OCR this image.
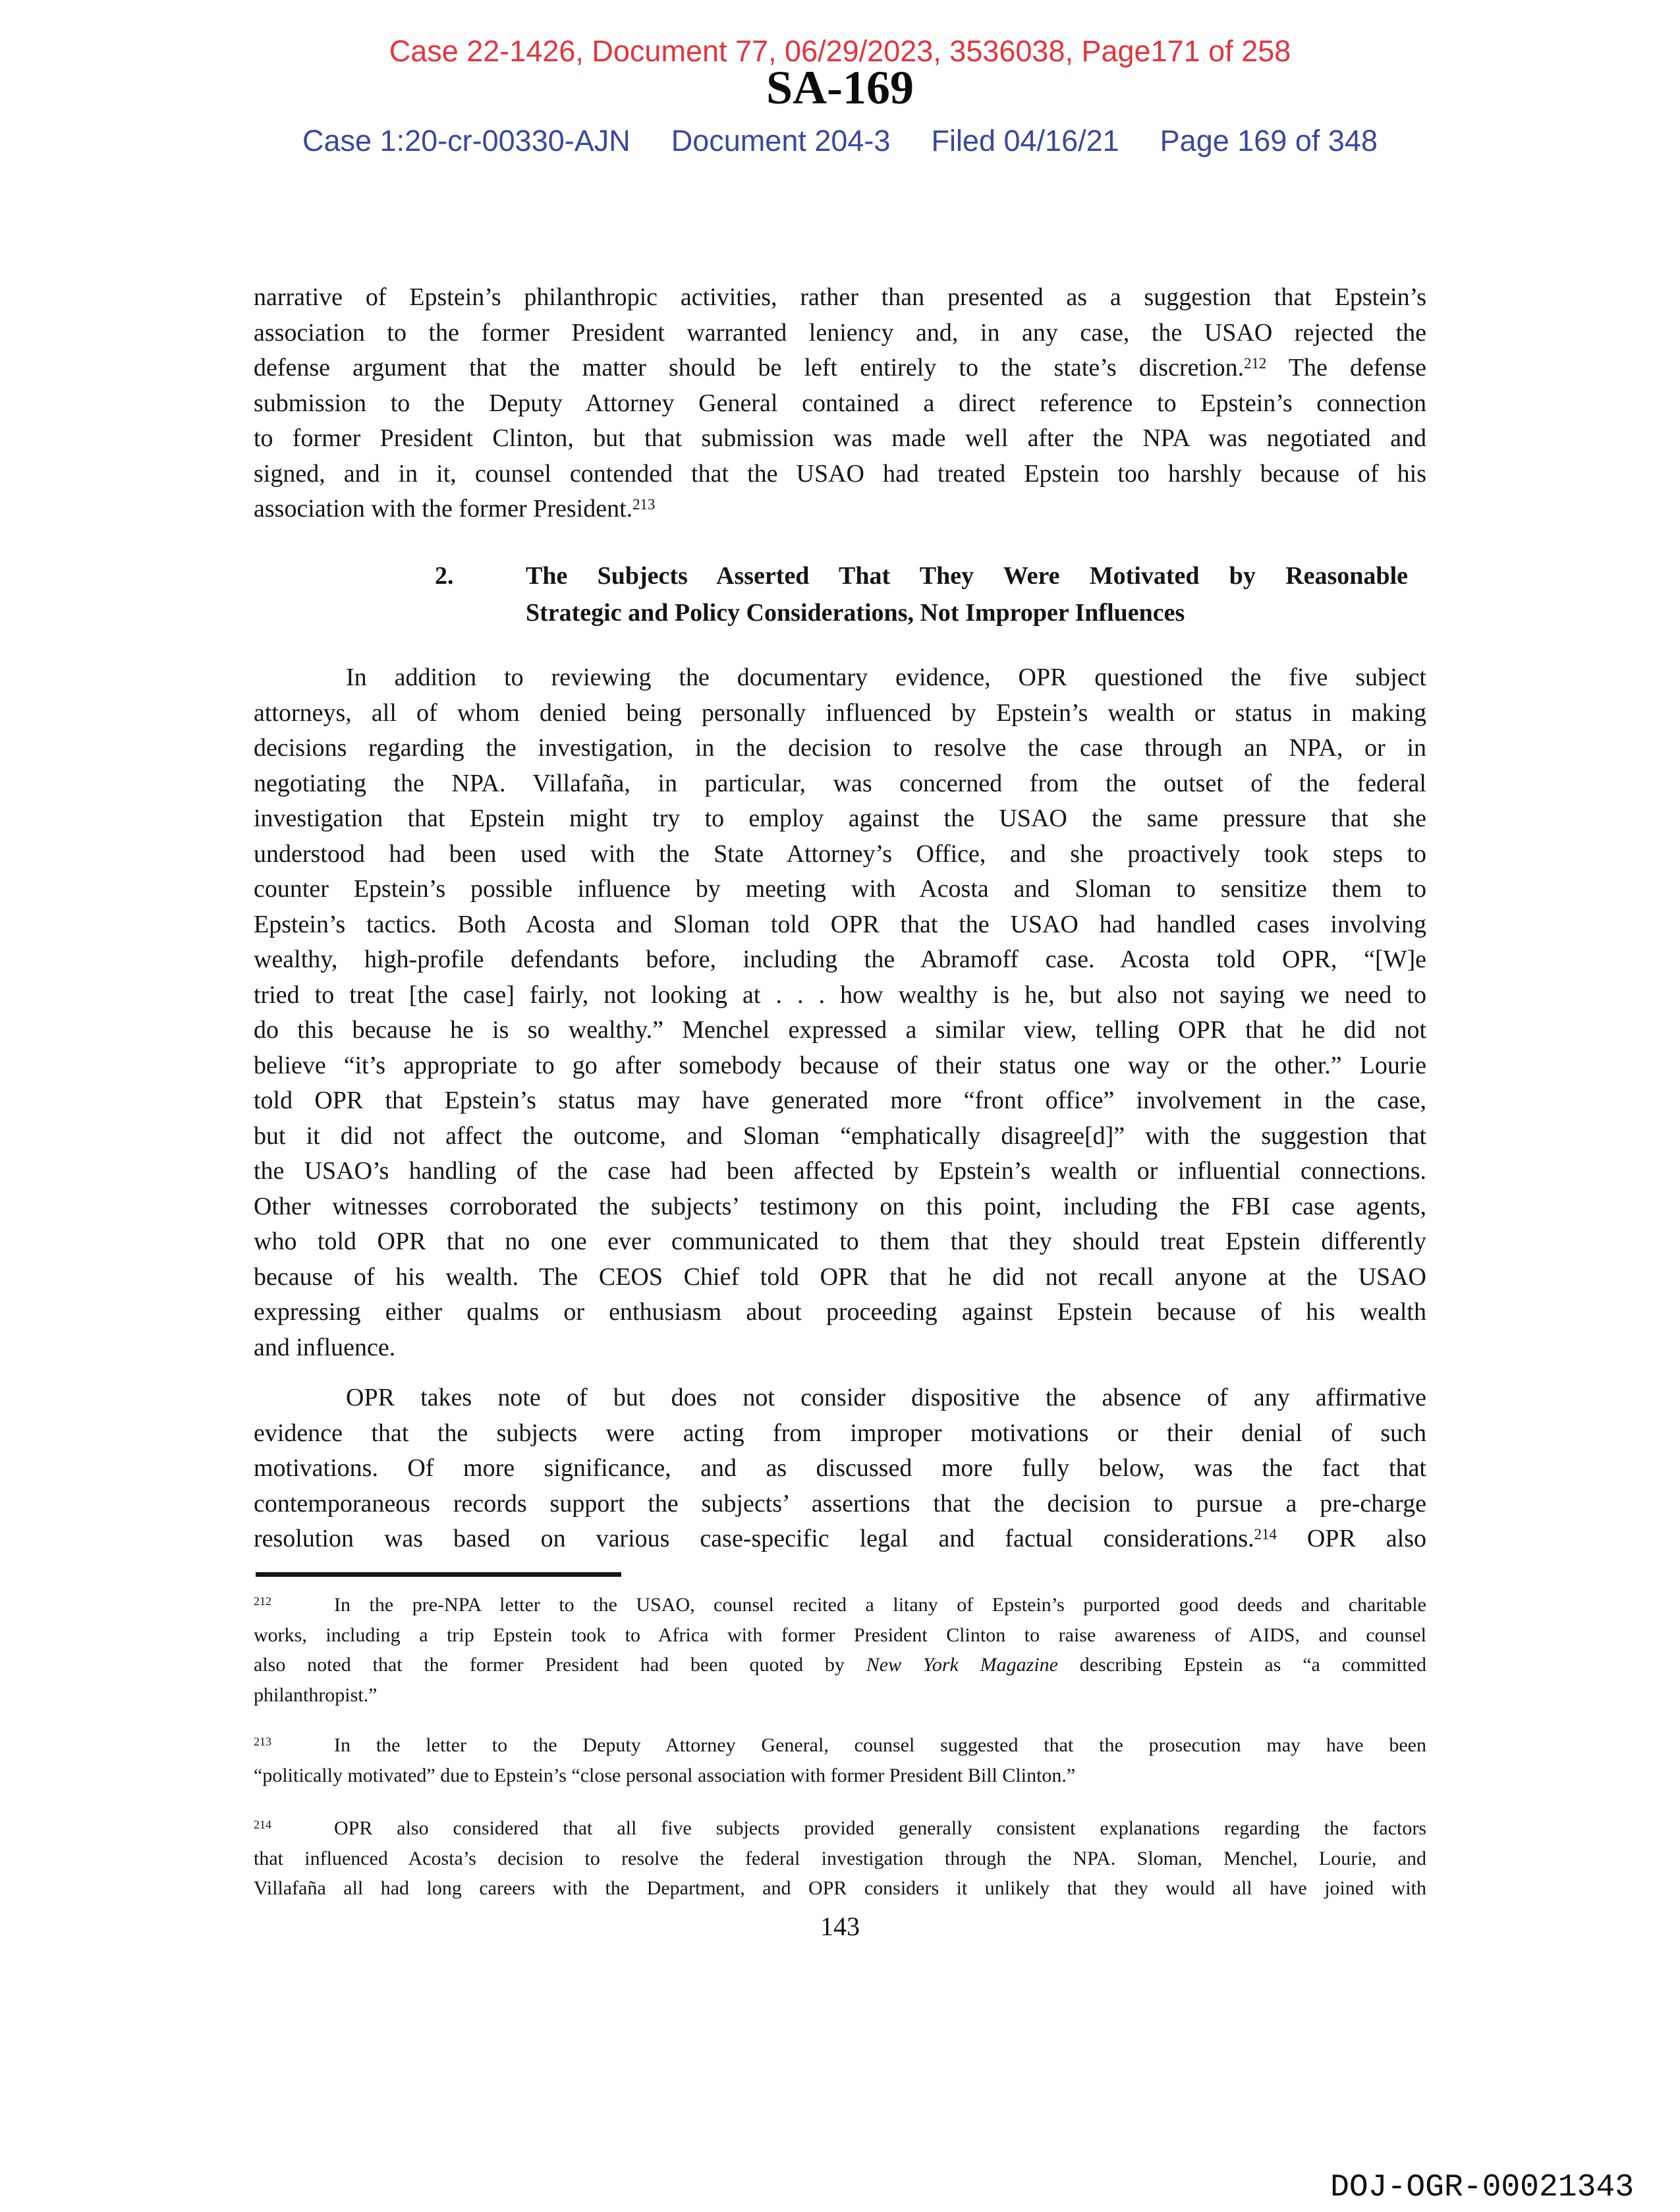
Case 22-1426, Document 77, 06/29/2023, 3536038, Page171 of 258
SA-169
Case 1:20-cr-00330-AJN Document 204-3 Filed 04/16/21 Page 169 of 348
narrative of Epstein’s philanthropic activities, rather than presented as a suggestion that Epstein’s
association to the former President warranted leniency and, in any case, the USAO rejected the
defense argument that the matter should be left entirely to the state’s discretion.$^{212}$ The defense
submission to the Deputy Attorney General contained a direct reference to Epstein’s connection
to former President Clinton, but that submission was made well after the NPA was negotiated and
signed, and in it, counsel contended that the USAO had treated Epstein too harshly because of his
association with the former President.$^{213}$
2.	The Subjects Asserted That They Were Motivated by Reasonable
Strategic and Policy Considerations, Not Improper Influences
In addition to reviewing the documentary evidence, OPR questioned the five subject
attorneys, all of whom denied being personally influenced by Epstein’s wealth or status in making
decisions regarding the investigation, in the decision to resolve the case through an NPA, or in
negotiating the NPA. Villafaña, in particular, was concerned from the outset of the federal
investigation that Epstein might try to employ against the USAO the same pressure that she
understood had been used with the State Attorney’s Office, and she proactively took steps to
counter Epstein’s possible influence by meeting with Acosta and Sloman to sensitize them to
Epstein’s tactics. Both Acosta and Sloman told OPR that the USAO had handled cases involving
wealthy, high-profile defendants before, including the Abramoff case. Acosta told OPR, “[W]e
tried to treat [the case] fairly, not looking at . . . how wealthy is he, but also not saying we need to
do this because he is so wealthy.” Menchel expressed a similar view, telling OPR that he did not
believe “it’s appropriate to go after somebody because of their status one way or the other.” Lourie
told OPR that Epstein’s status may have generated more “front office” involvement in the case,
but it did not affect the outcome, and Sloman “emphatically disagree[d]” with the suggestion that
the USAO’s handling of the case had been affected by Epstein’s wealth or influential connections.
Other witnesses corroborated the subjects’ testimony on this point, including the FBI case agents,
who told OPR that no one ever communicated to them that they should treat Epstein differently
because of his wealth. The CEOS Chief told OPR that he did not recall anyone at the USAO
expressing either qualms or enthusiasm about proceeding against Epstein because of his wealth
and influence.
OPR takes note of but does not consider dispositive the absence of any affirmative
evidence that the subjects were acting from improper motivations or their denial of such
motivations. Of more significance, and as discussed more fully below, was the fact that
contemporaneous records support the subjects’ assertions that the decision to pursue a pre-charge
resolution was based on various case-specific legal and factual considerations.$^{214}$ OPR also
$^{212}$	In the pre-NPA letter to the USAO, counsel recited a litany of Epstein’s purported good deeds and charitable
works, including a trip Epstein took to Africa with former President Clinton to raise awareness of AIDS, and counsel
also noted that the former President had been quoted by New York Magazine describing Epstein as “a committed
philanthropist.”
$^{213}$	In the letter to the Deputy Attorney General, counsel suggested that the prosecution may have been
“politically motivated” due to Epstein’s “close personal association with former President Bill Clinton.”
$^{214}$	OPR also considered that all five subjects provided generally consistent explanations regarding the factors
that influenced Acosta’s decision to resolve the federal investigation through the NPA. Sloman, Menchel, Lourie, and
Villafaña all had long careers with the Department, and OPR considers it unlikely that they would all have joined with
143
DOJ-OGR-00021343
